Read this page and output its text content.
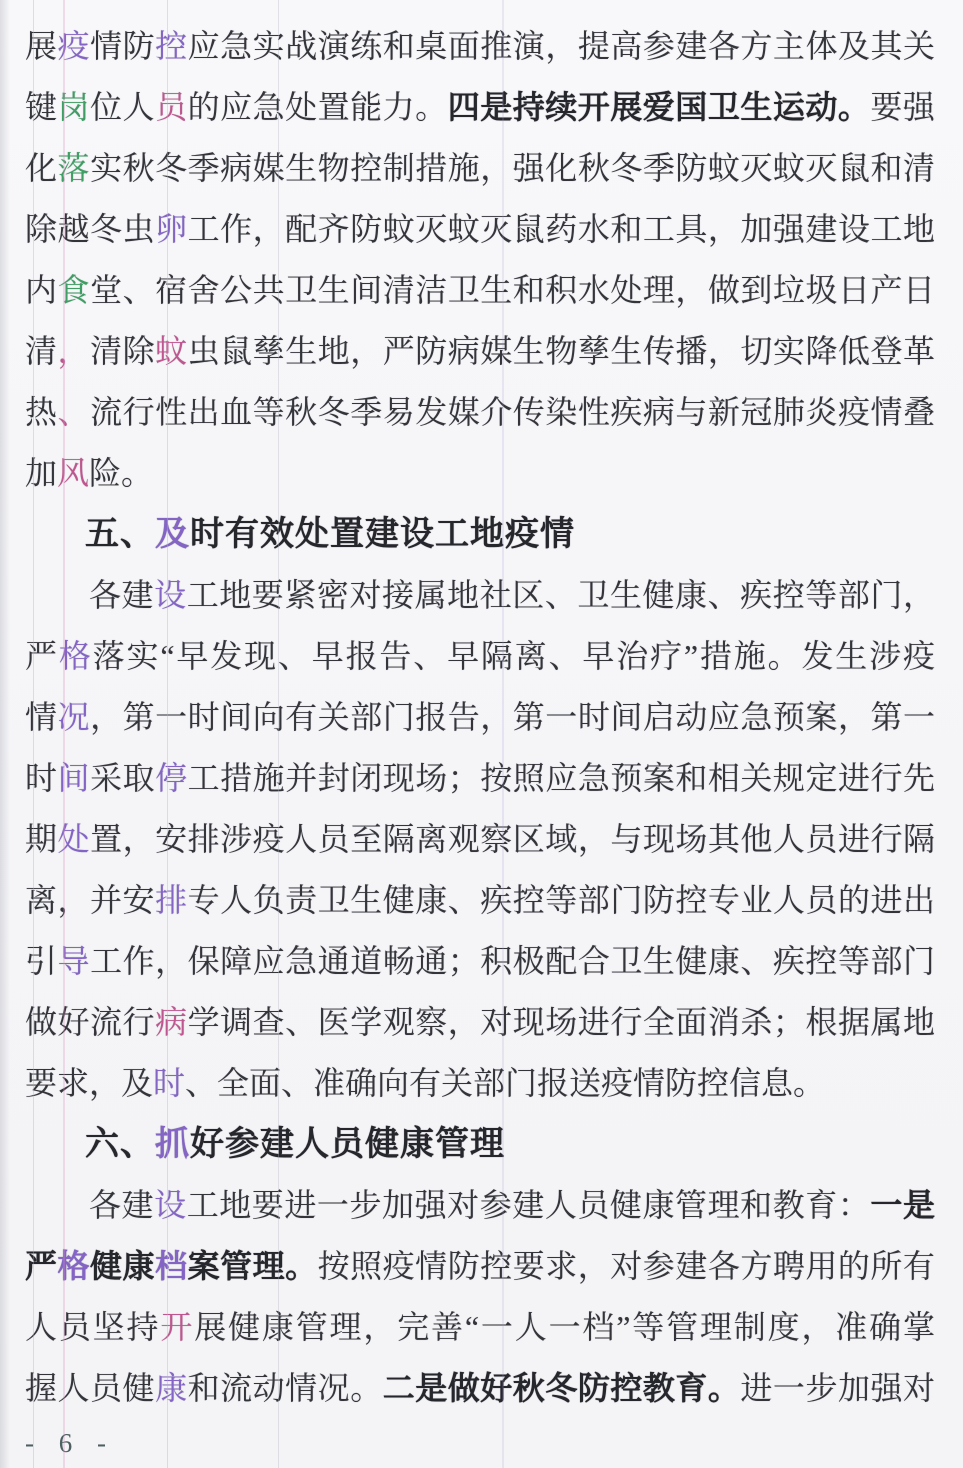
展疫情防控应急实战演练和桌面推演，提高参建各方主体及其关
键岗位人员的应急处置能力。四是持续开展爱国卫生运动。要强
化落实秋冬季病媒生物控制措施，强化秋冬季防蚊灭蚊灭鼠和清
除越冬虫卵工作，配齐防蚊灭蚊灭鼠药水和工具，加强建设工地
内食堂、宿舍公共卫生间清洁卫生和积水处理，做到垃圾日产日
清，清除蚊虫鼠孳生地，严防病媒生物孳生传播，切实降低登革
热、流行性出血等秋冬季易发媒介传染性疾病与新冠肺炎疫情叠
加风险。
五、及时有效处置建设工地疫情
各建设工地要紧密对接属地社区、卫生健康、疾控等部门，
严格落实“早发现、早报告、早隔离、早治疗”措施。发生涉疫
情况，第一时间向有关部门报告，第一时间启动应急预案，第一
时间采取停工措施并封闭现场；按照应急预案和相关规定进行先
期处置，安排涉疫人员至隔离观察区域，与现场其他人员进行隔
离，并安排专人负责卫生健康、疾控等部门防控专业人员的进出
引导工作，保障应急通道畅通；积极配合卫生健康、疾控等部门
做好流行病学调查、医学观察，对现场进行全面消杀；根据属地
要求，及时、全面、准确向有关部门报送疫情防控信息。
六、抓好参建人员健康管理
各建设工地要进一步加强对参建人员健康管理和教育：一是
严格健康档案管理。按照疫情防控要求，对参建各方聘用的所有
人员坚持开展健康管理，完善“一人一档”等管理制度，准确掌
握人员健康和流动情况。二是做好秋冬防控教育。进一步加强对
- 6 -
